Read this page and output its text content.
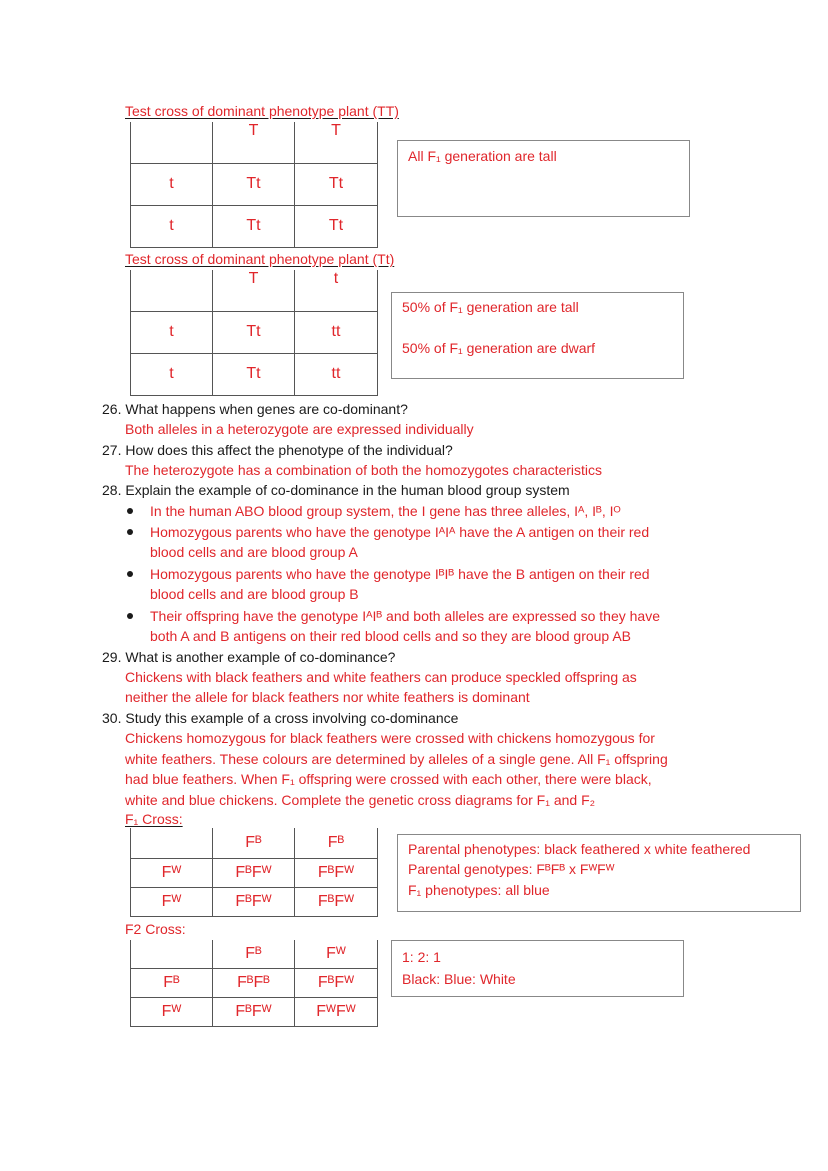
Test cross of dominant phenotype plant (TT)
	T	T
t	Tt	Tt
t	Tt	Tt
All F₁ generation are tall
Test cross of dominant phenotype plant (Tt)
	T	t
t	Tt	tt
t	Tt	tt
50% of F₁ generation are tall
50% of F₁ generation are dwarf
26. What happens when genes are co-dominant?
Both alleles in a heterozygote are expressed individually
27. How does this affect the phenotype of the individual?
The heterozygote has a combination of both the homozygotes characteristics
28. Explain the example of co-dominance in the human blood group system
In the human ABO blood group system, the I gene has three alleles, Iᴬ, Iᴮ, Iᴼ
Homozygous parents who have the genotype IᴬIᴬ have the A antigen on their red
blood cells and are blood group A
Homozygous parents who have the genotype IᴮIᴮ have the B antigen on their red
blood cells and are blood group B
Their offspring have the genotype IᴬIᴮ and both alleles are expressed so they have
both A and B antigens on their red blood cells and so they are blood group AB
29. What is another example of co-dominance?
Chickens with black feathers and white feathers can produce speckled offspring as
neither the allele for black feathers nor white feathers is dominant
30. Study this example of a cross involving co-dominance
Chickens homozygous for black feathers were crossed with chickens homozygous for
white feathers. These colours are determined by alleles of a single gene. All F₁ offspring
had blue feathers. When F₁ offspring were crossed with each other, there were black,
white and blue chickens. Complete the genetic cross diagrams for F₁ and F₂
F₁ Cross:
	Fᴮ	Fᴮ
Fᵂ	FᴮFᵂ	FᴮFᵂ
Fᵂ	FᴮFᵂ	FᴮFᵂ
Parental phenotypes: black feathered x white feathered
Parental genotypes: FᴮFᴮ x FᵂFᵂ
F₁ phenotypes: all blue
F2 Cross:
	Fᴮ	Fᵂ
Fᴮ	FᴮFᴮ	FᴮFᵂ
Fᵂ	FᴮFᵂ	FᵂFᵂ
1: 2: 1
Black: Blue: White
